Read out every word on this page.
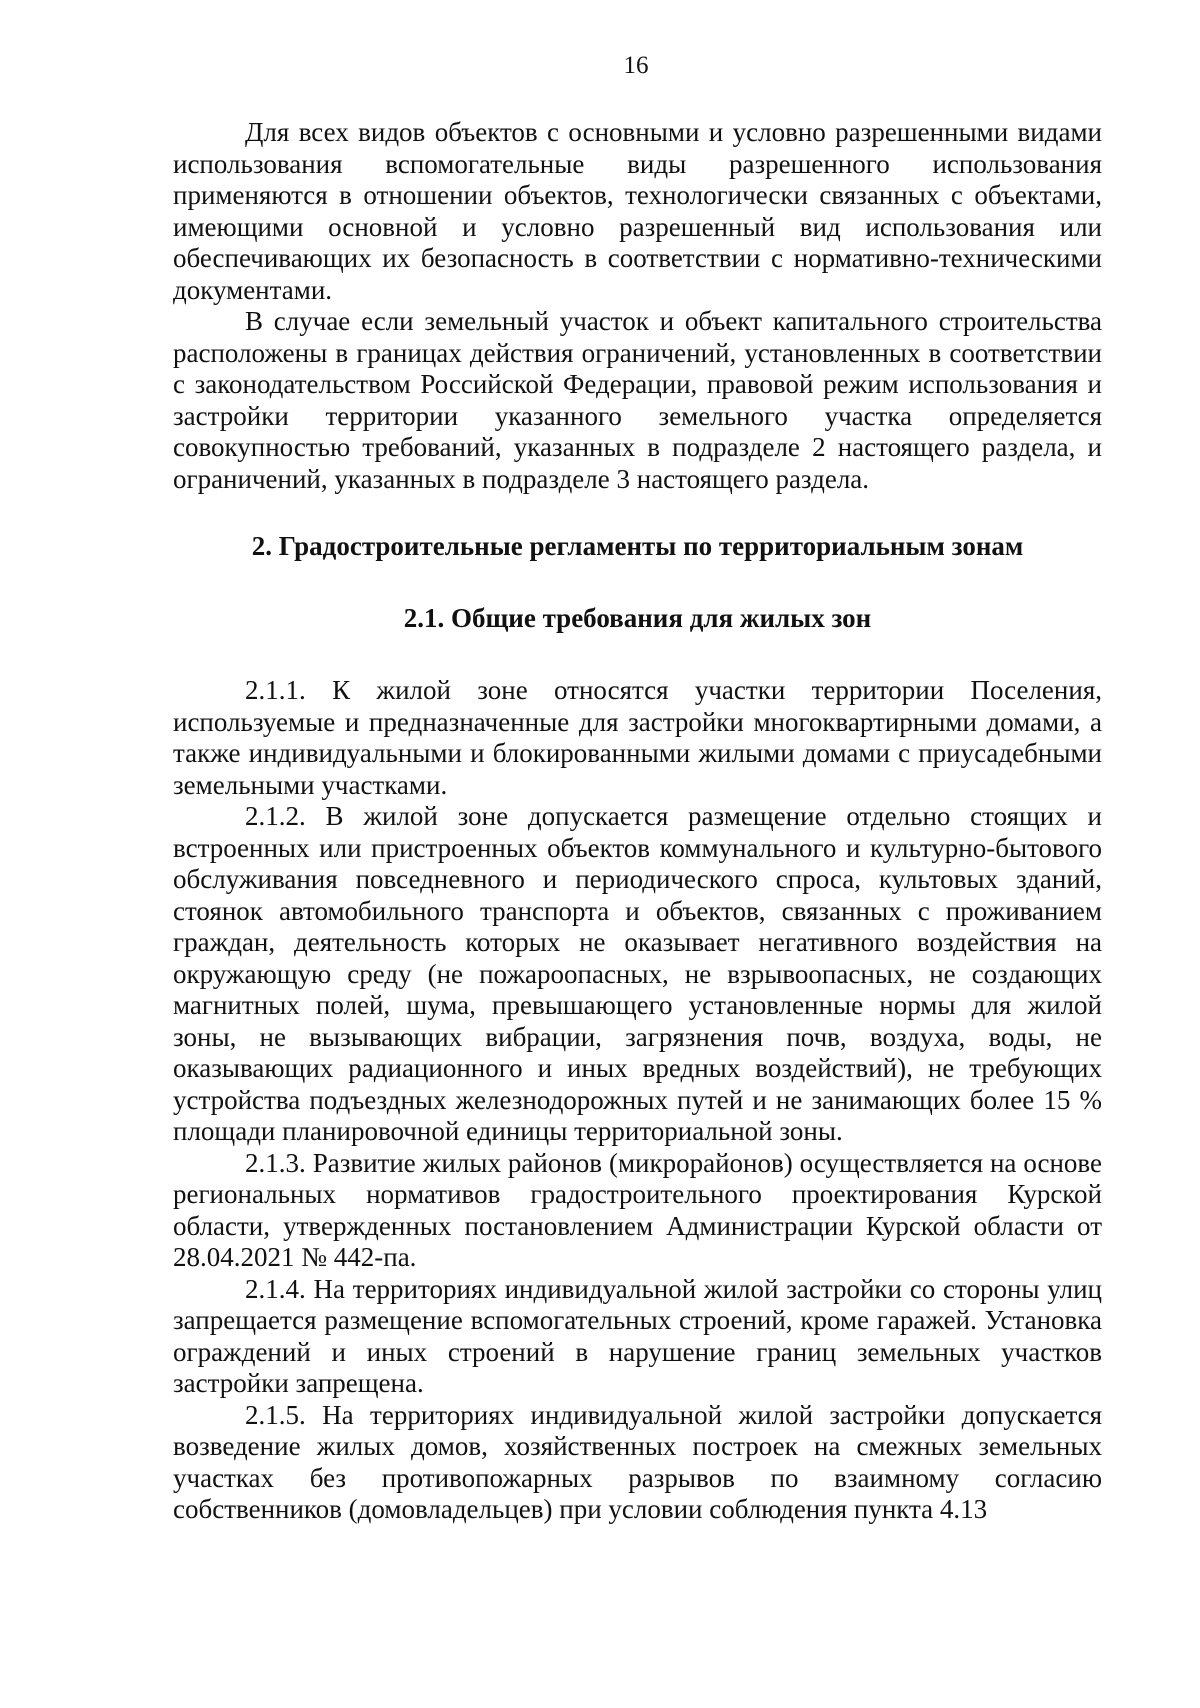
16

Для всех видов объектов с основными и условно разрешенными видами использования вспомогательные виды разрешенного использования применяются в отношении объектов, технологически связанных с объектами, имеющими основной и условно разрешенный вид использования или обеспечивающих их безопасность в соответствии с нормативно-техническими документами.

В случае если земельный участок и объект капитального строительства расположены в границах действия ограничений, установленных в соответствии с законодательством Российской Федерации, правовой режим использования и застройки территории указанного земельного участка определяется совокупностью требований, указанных в подразделе 2 настоящего раздела, и ограничений, указанных в подразделе 3 настоящего раздела.

2. Градостроительные регламенты по территориальным зонам
2.1. Общие требования для жилых зон

2.1.1. К жилой зоне относятся участки территории Поселения, используемые и предназначенные для застройки многоквартирными домами, а также индивидуальными и блокированными жилыми домами с приусадебными земельными участками.

2.1.2. В жилой зоне допускается размещение отдельно стоящих и встроенных или пристроенных объектов коммунального и культурно-бытового обслуживания повседневного и периодического спроса, культовых зданий, стоянок автомобильного транспорта и объектов, связанных с проживанием граждан, деятельность которых не оказывает негативного воздействия на окружающую среду (не пожароопасных, не взрывоопасных, не создающих магнитных полей, шума, превышающего установленные нормы для жилой зоны, не вызывающих вибрации, загрязнения почв, воздуха, воды, не оказывающих радиационного и иных вредных воздействий), не требующих устройства подъездных железнодорожных путей и не занимающих более 15 % площади планировочной единицы территориальной зоны.

2.1.3. Развитие жилых районов (микрорайонов) осуществляется на основе региональных нормативов градостроительного проектирования Курской области, утвержденных постановлением Администрации Курской области от 28.04.2021 № 442-па.

2.1.4. На территориях индивидуальной жилой застройки со стороны улиц запрещается размещение вспомогательных строений, кроме гаражей. Установка ограждений и иных строений в нарушение границ земельных участков застройки запрещена.

2.1.5. На территориях индивидуальной жилой застройки допускается возведение жилых домов, хозяйственных построек на смежных земельных участках без противопожарных разрывов по взаимному согласию собственников (домовладельцев) при условии соблюдения пункта 4.13
